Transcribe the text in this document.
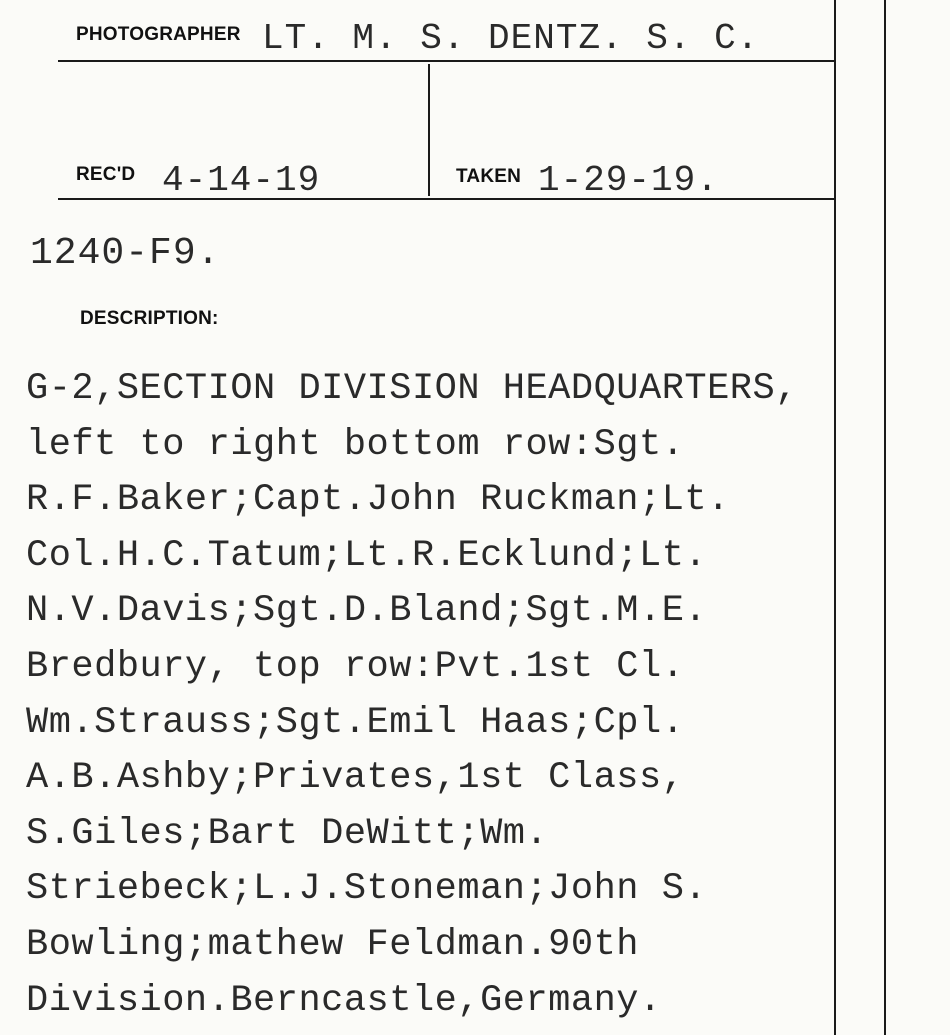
PHOTOGRAPHER LT. M. S. DENTZ. S. C.
REC'D 4-14-19	TAKEN 1-29-19.
1240-F9.
DESCRIPTION:
G-2,SECTION DIVISION HEADQUARTERS,
left to right bottom row:Sgt.
R.F.Baker;Capt.John Ruckman;Lt.
Col.H.C.Tatum;Lt.R.Ecklund;Lt.
N.V.Davis;Sgt.D.Bland;Sgt.M.E.
Bredbury, top row:Pvt.1st Cl.
Wm.Strauss;Sgt.Emil Haas;Cpl.
A.B.Ashby;Privates,1st Class,
S.Giles;Bart DeWitt;Wm.
Striebeck;L.J.Stoneman;John S.
Bowling;mathew Feldman.90th
Division.Berncastle,Germany.
